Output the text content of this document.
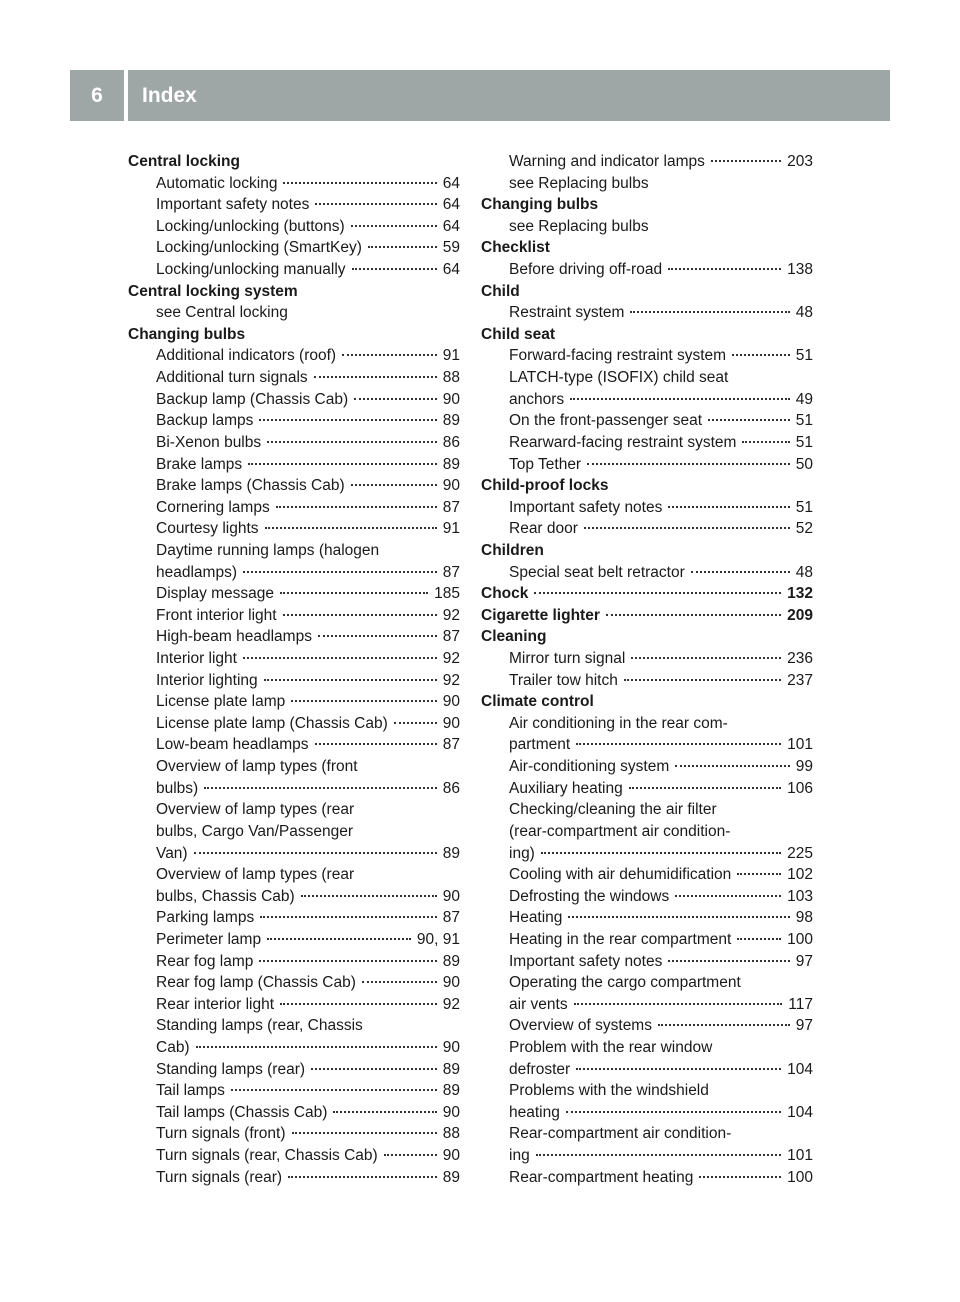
6	Index
Central locking
Automatic locking	64
Important safety notes	64
Locking/unlocking (buttons)	64
Locking/unlocking (SmartKey)	59
Locking/unlocking manually	64
Central locking system
see Central locking
Changing bulbs
Additional indicators (roof)	91
Additional turn signals	88
Backup lamp (Chassis Cab)	90
Backup lamps	89
Bi-Xenon bulbs	86
Brake lamps	89
Brake lamps (Chassis Cab)	90
Cornering lamps	87
Courtesy lights	91
Daytime running lamps (halogen
headlamps)	87
Display message	185
Front interior light	92
High-beam headlamps	87
Interior light	92
Interior lighting	92
License plate lamp	90
License plate lamp (Chassis Cab)	90
Low-beam headlamps	87
Overview of lamp types (front
bulbs)	86
Overview of lamp types (rear
bulbs, Cargo Van/Passenger
Van)	89
Overview of lamp types (rear
bulbs, Chassis Cab)	90
Parking lamps	87
Perimeter lamp	90, 91
Rear fog lamp	89
Rear fog lamp (Chassis Cab)	90
Rear interior light	92
Standing lamps (rear, Chassis
Cab)	90
Standing lamps (rear)	89
Tail lamps	89
Tail lamps (Chassis Cab)	90
Turn signals (front)	88
Turn signals (rear, Chassis Cab)	90
Turn signals (rear)	89
Warning and indicator lamps	203
see Replacing bulbs
Changing bulbs
see Replacing bulbs
Checklist
Before driving off-road	138
Child
Restraint system	48
Child seat
Forward-facing restraint system	51
LATCH-type (ISOFIX) child seat
anchors	49
On the front-passenger seat	51
Rearward-facing restraint system	51
Top Tether	50
Child-proof locks
Important safety notes	51
Rear door	52
Children
Special seat belt retractor	48
Chock	132
Cigarette lighter	209
Cleaning
Mirror turn signal	236
Trailer tow hitch	237
Climate control
Air conditioning in the rear com-
partment	101
Air-conditioning system	99
Auxiliary heating	106
Checking/cleaning the air filter
(rear-compartment air condition-
ing)	225
Cooling with air dehumidification	102
Defrosting the windows	103
Heating	98
Heating in the rear compartment	100
Important safety notes	97
Operating the cargo compartment
air vents	117
Overview of systems	97
Problem with the rear window
defroster	104
Problems with the windshield
heating	104
Rear-compartment air condition-
ing	101
Rear-compartment heating	100
